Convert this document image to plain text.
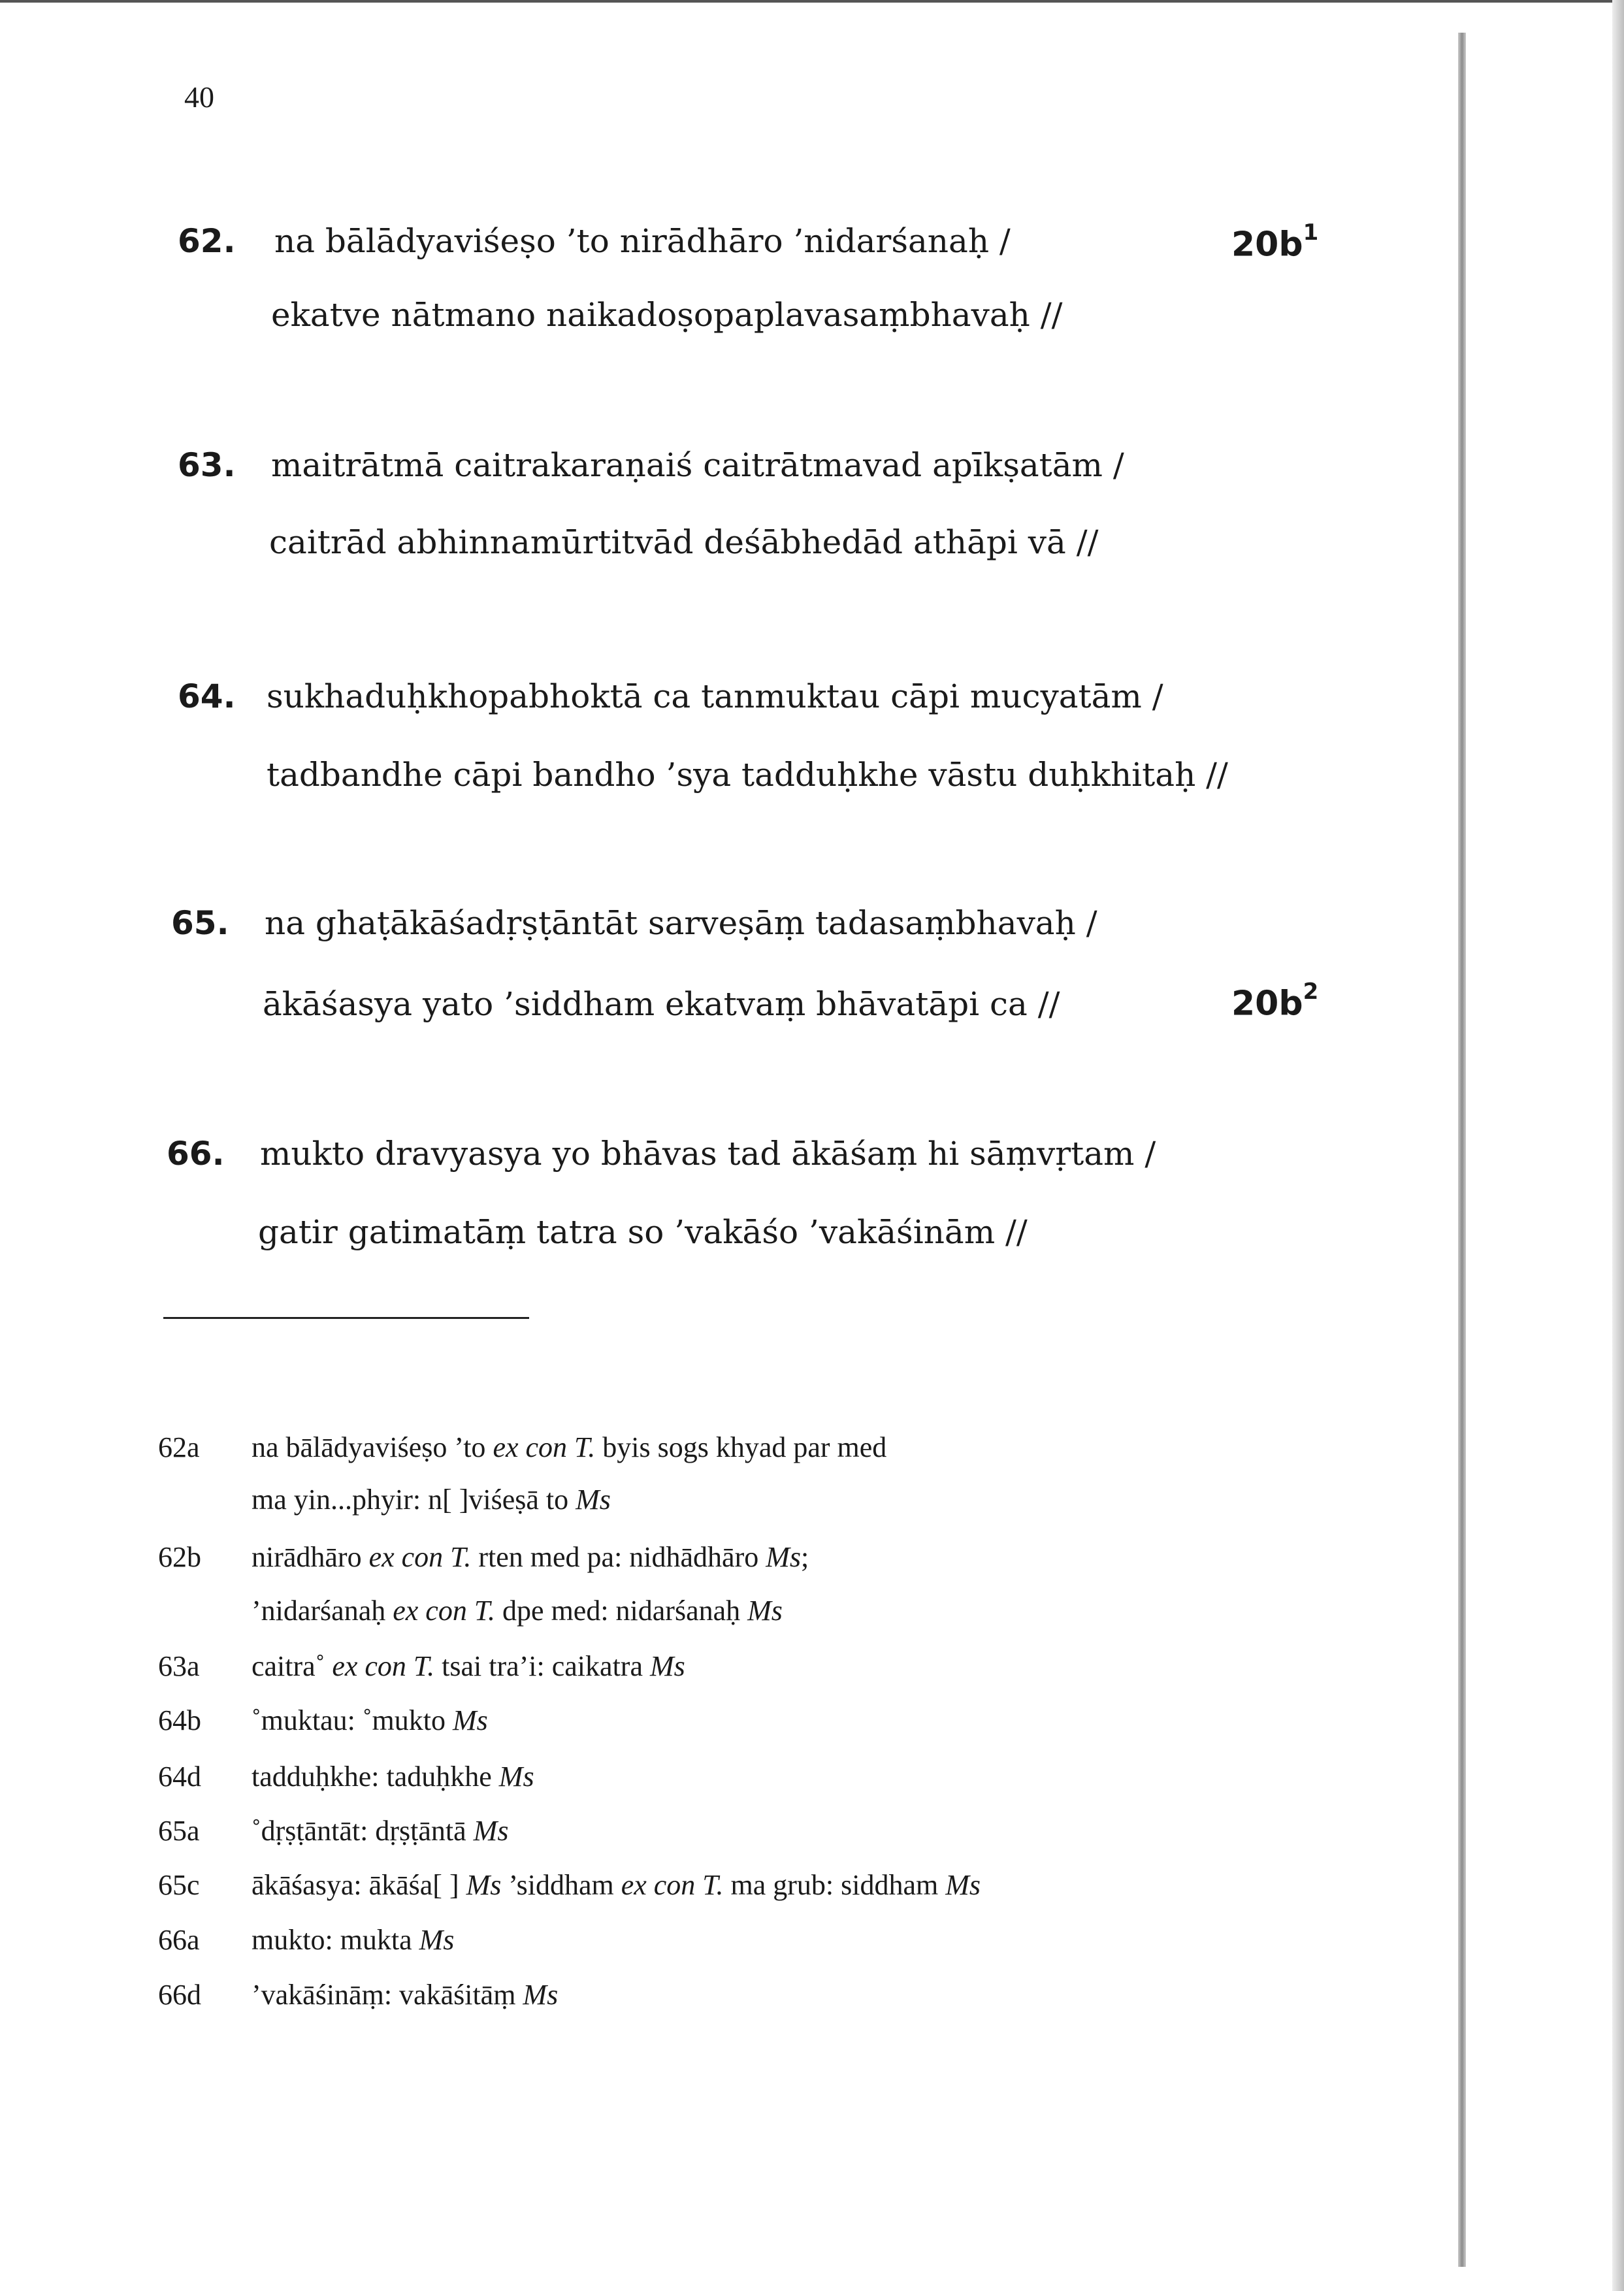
40
62. na bālādyaviśeṣo ’to nirādhāro ’nidarśanaḥ /
ekatve nātmano naikadoṣopaplavasaṃbhavaḥ //
$20b^1$
63. maitrātmā caitrakaraṇaiś caitrātmavad apīkṣatām /
caitrād abhinnamūrtitvād deśābhedād athāpi vā //
64. sukhaduḥkhopabhoktā ca tanmuktau cāpi mucyatām /
tadbandhe cāpi bandho ’sya tadduḥkhe vāstu duḥkhitaḥ //
65. na ghaṭākāśadṛṣṭāntāt sarveṣāṃ tadasaṃbhavaḥ /
ākāśasya yato ’siddham ekatvaṃ bhāvatāpi ca //	$20b^2$
66. mukto dravyasya yo bhāvas tad ākāśaṃ hi sāṃvṛtam /
gatir gatimatāṃ tatra so ’vakāśo ’vakāśinām //
62a na bālādyaviśeṣo ’to ex con T. byis sogs khyad par med
ma yin...phyir: n[ ]viśeṣā to Ms
62b nirādhāro ex con T. rten med pa: nidhādhāro Ms;
’nidarśanaḥ ex con T. dpe med: nidarśanaḥ Ms
63a caitra˚ ex con T. tsai tra’i: caikatra Ms
64b ˚muktau: ˚mukto Ms
64d tadduḥkhe: taduḥkhe Ms
65a ˚dṛṣṭāntāt: dṛṣṭāntā Ms
65c ākāśasya: ākāśa[ ] Ms ’siddham ex con T. ma grub: siddham Ms
66a mukto: mukta Ms
66d ’vakāśināṃ: vakāśitāṃ Ms
